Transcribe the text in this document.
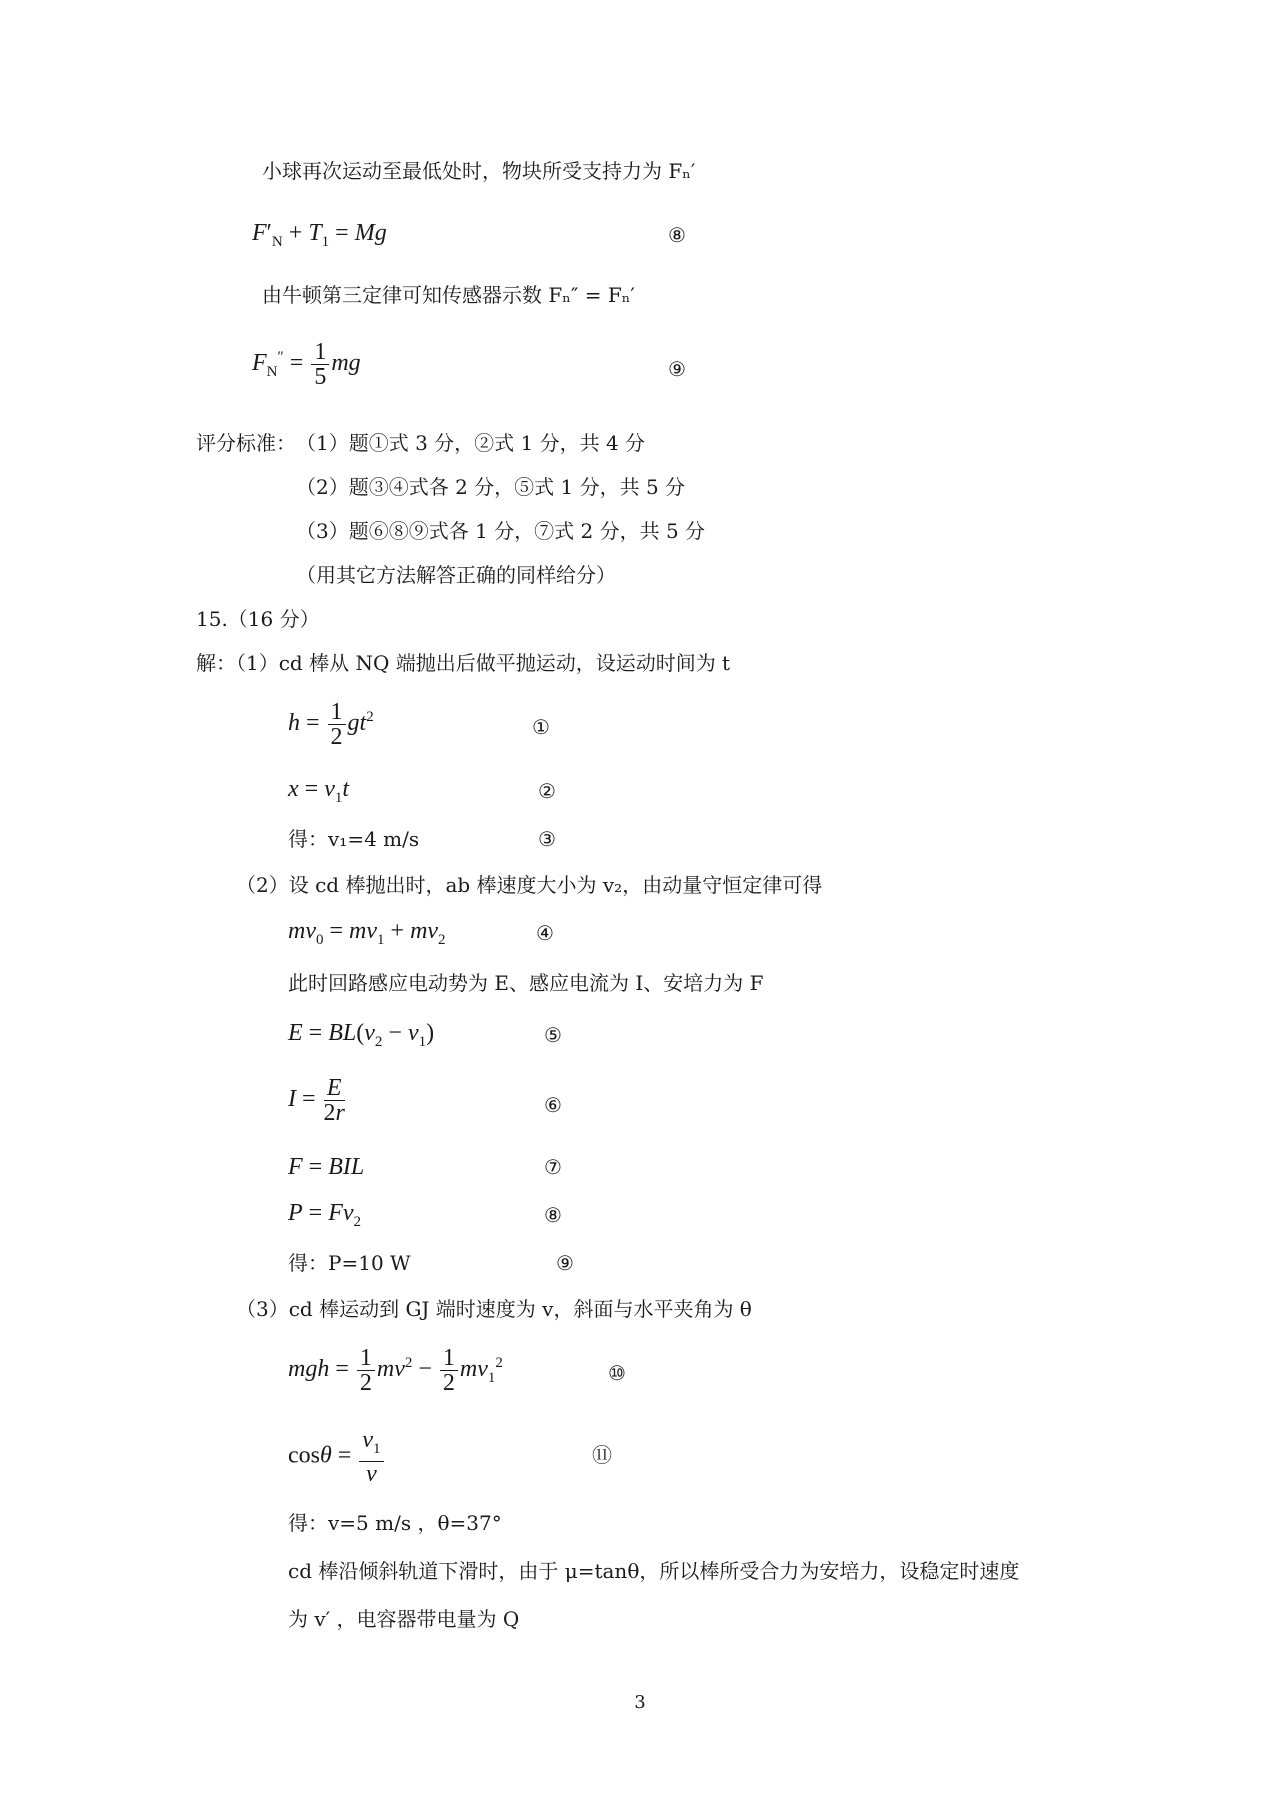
小球再次运动至最低处时，物块所受支持力为 Fₙ′
$F'_N + T_1 = Mg$	⑧
由牛顿第三定律可知传感器示数 Fₙ″ = Fₙ′
$F_N'' = \frac{1}{5}$ mg	⑨
评分标准： （1）题①式 3 分，②式 1 分，共 4 分
（2）题③④式各 2 分，⑤式 1 分，共 5 分
（3）题⑥⑧⑨式各 1 分，⑦式 2 分，共 5 分
（用其它方法解答正确的同样给分）
15.（16 分）
解：（1）cd 棒从 NQ 端抛出后做平抛运动，设运动时间为 t
$h = \frac{1}{2} gt^2$	①
$x = v_1t$	②
得：v₁=4 m/s	③
（2）设 cd 棒抛出时，ab 棒速度大小为 v₂，由动量守恒定律可得
$mv_0 = mv_1 + mv_2$	④
此时回路感应电动势为 E、感应电流为 I、安培力为 F
$E = BL(v_2 - v_1)$	⑤
$I = \frac{E}{2r}$	⑥
F = BIL	⑦
$P = Fv_2$	⑧
得：P=10 W	⑨
（3）cd 棒运动到 GJ 端时速度为 v，斜面与水平夹角为 θ
mgh = $\frac{1}{2} mv^2 - \frac{1}{2} mv_1^2$	⑩
$\cos\theta = \frac{v_1}{v}$	⑪
得：v=5 m/s ，θ=37°
cd 棒沿倾斜轨道下滑时，由于 μ=tanθ，所以棒所受合力为安培力，设稳定时速度
为 v′ ，电容器带电量为 Q
3
